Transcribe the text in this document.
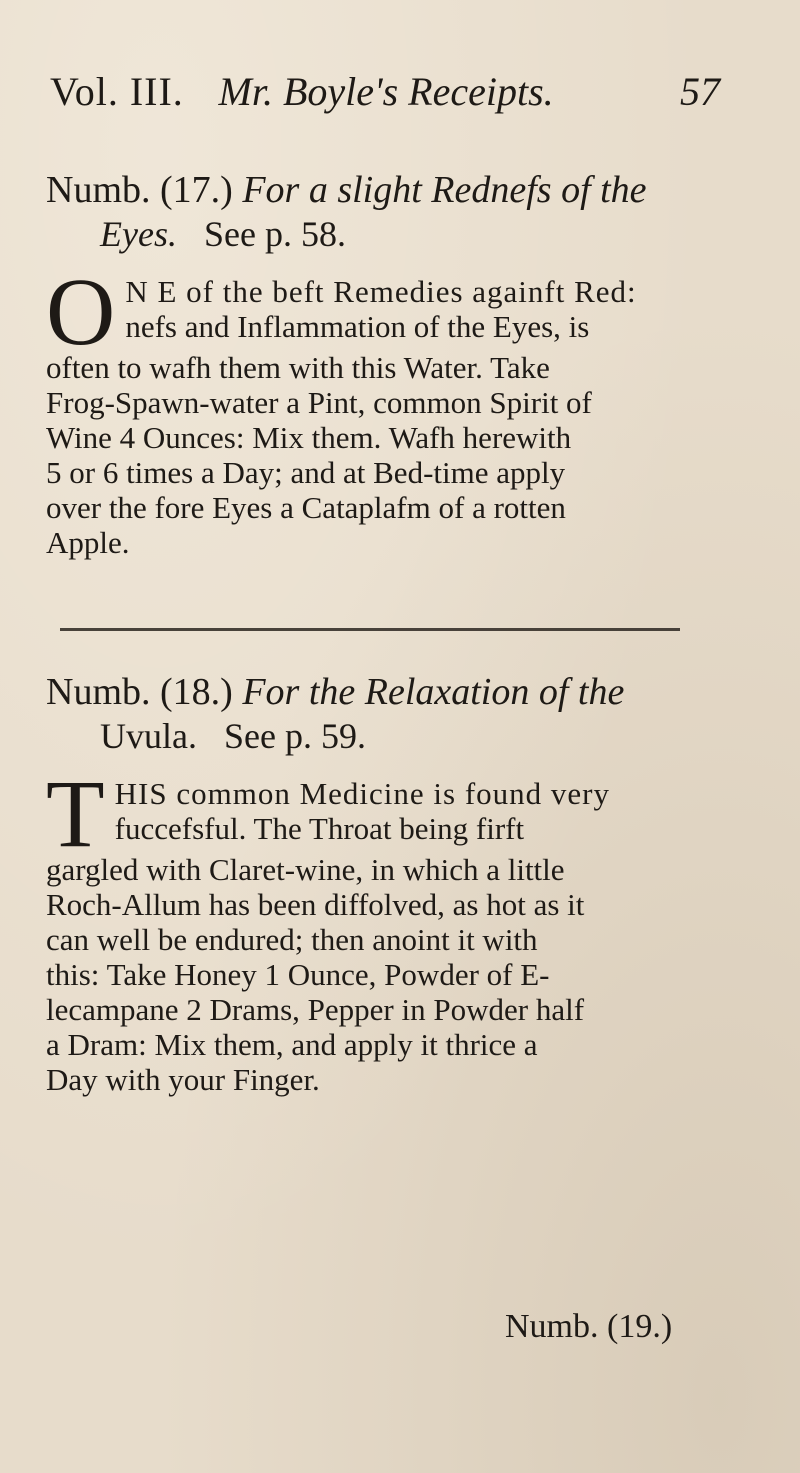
Vol. III. Mr. Boyle's Receipts.	57
Numb. (17.) For a slight Rednefs of the
Eyes. See p. 58.
O N E of the beft Remedies againft Red:
nefs and Inflammation of the Eyes, is
often to wafh them with this Water. Take
Frog-Spawn-water a Pint, common Spirit of
Wine 4 Ounces: Mix them. Wafh herewith
5 or 6 times a Day; and at Bed-time apply
over the fore Eyes a Cataplafm of a rotten
Apple.
Numb. (18.) For the Relaxation of the
Uvula. See p. 59.
T HIS common Medicine is found very
fuccefsful. The Throat being firft
gargled with Claret-wine, in which a little
Roch-Allum has been diffolved, as hot as it
can well be endured; then anoint it with
this: Take Honey 1 Ounce, Powder of E-
lecampane 2 Drams, Pepper in Powder half
a Dram: Mix them, and apply it thrice a
Day with your Finger.
Numb. (19.)
